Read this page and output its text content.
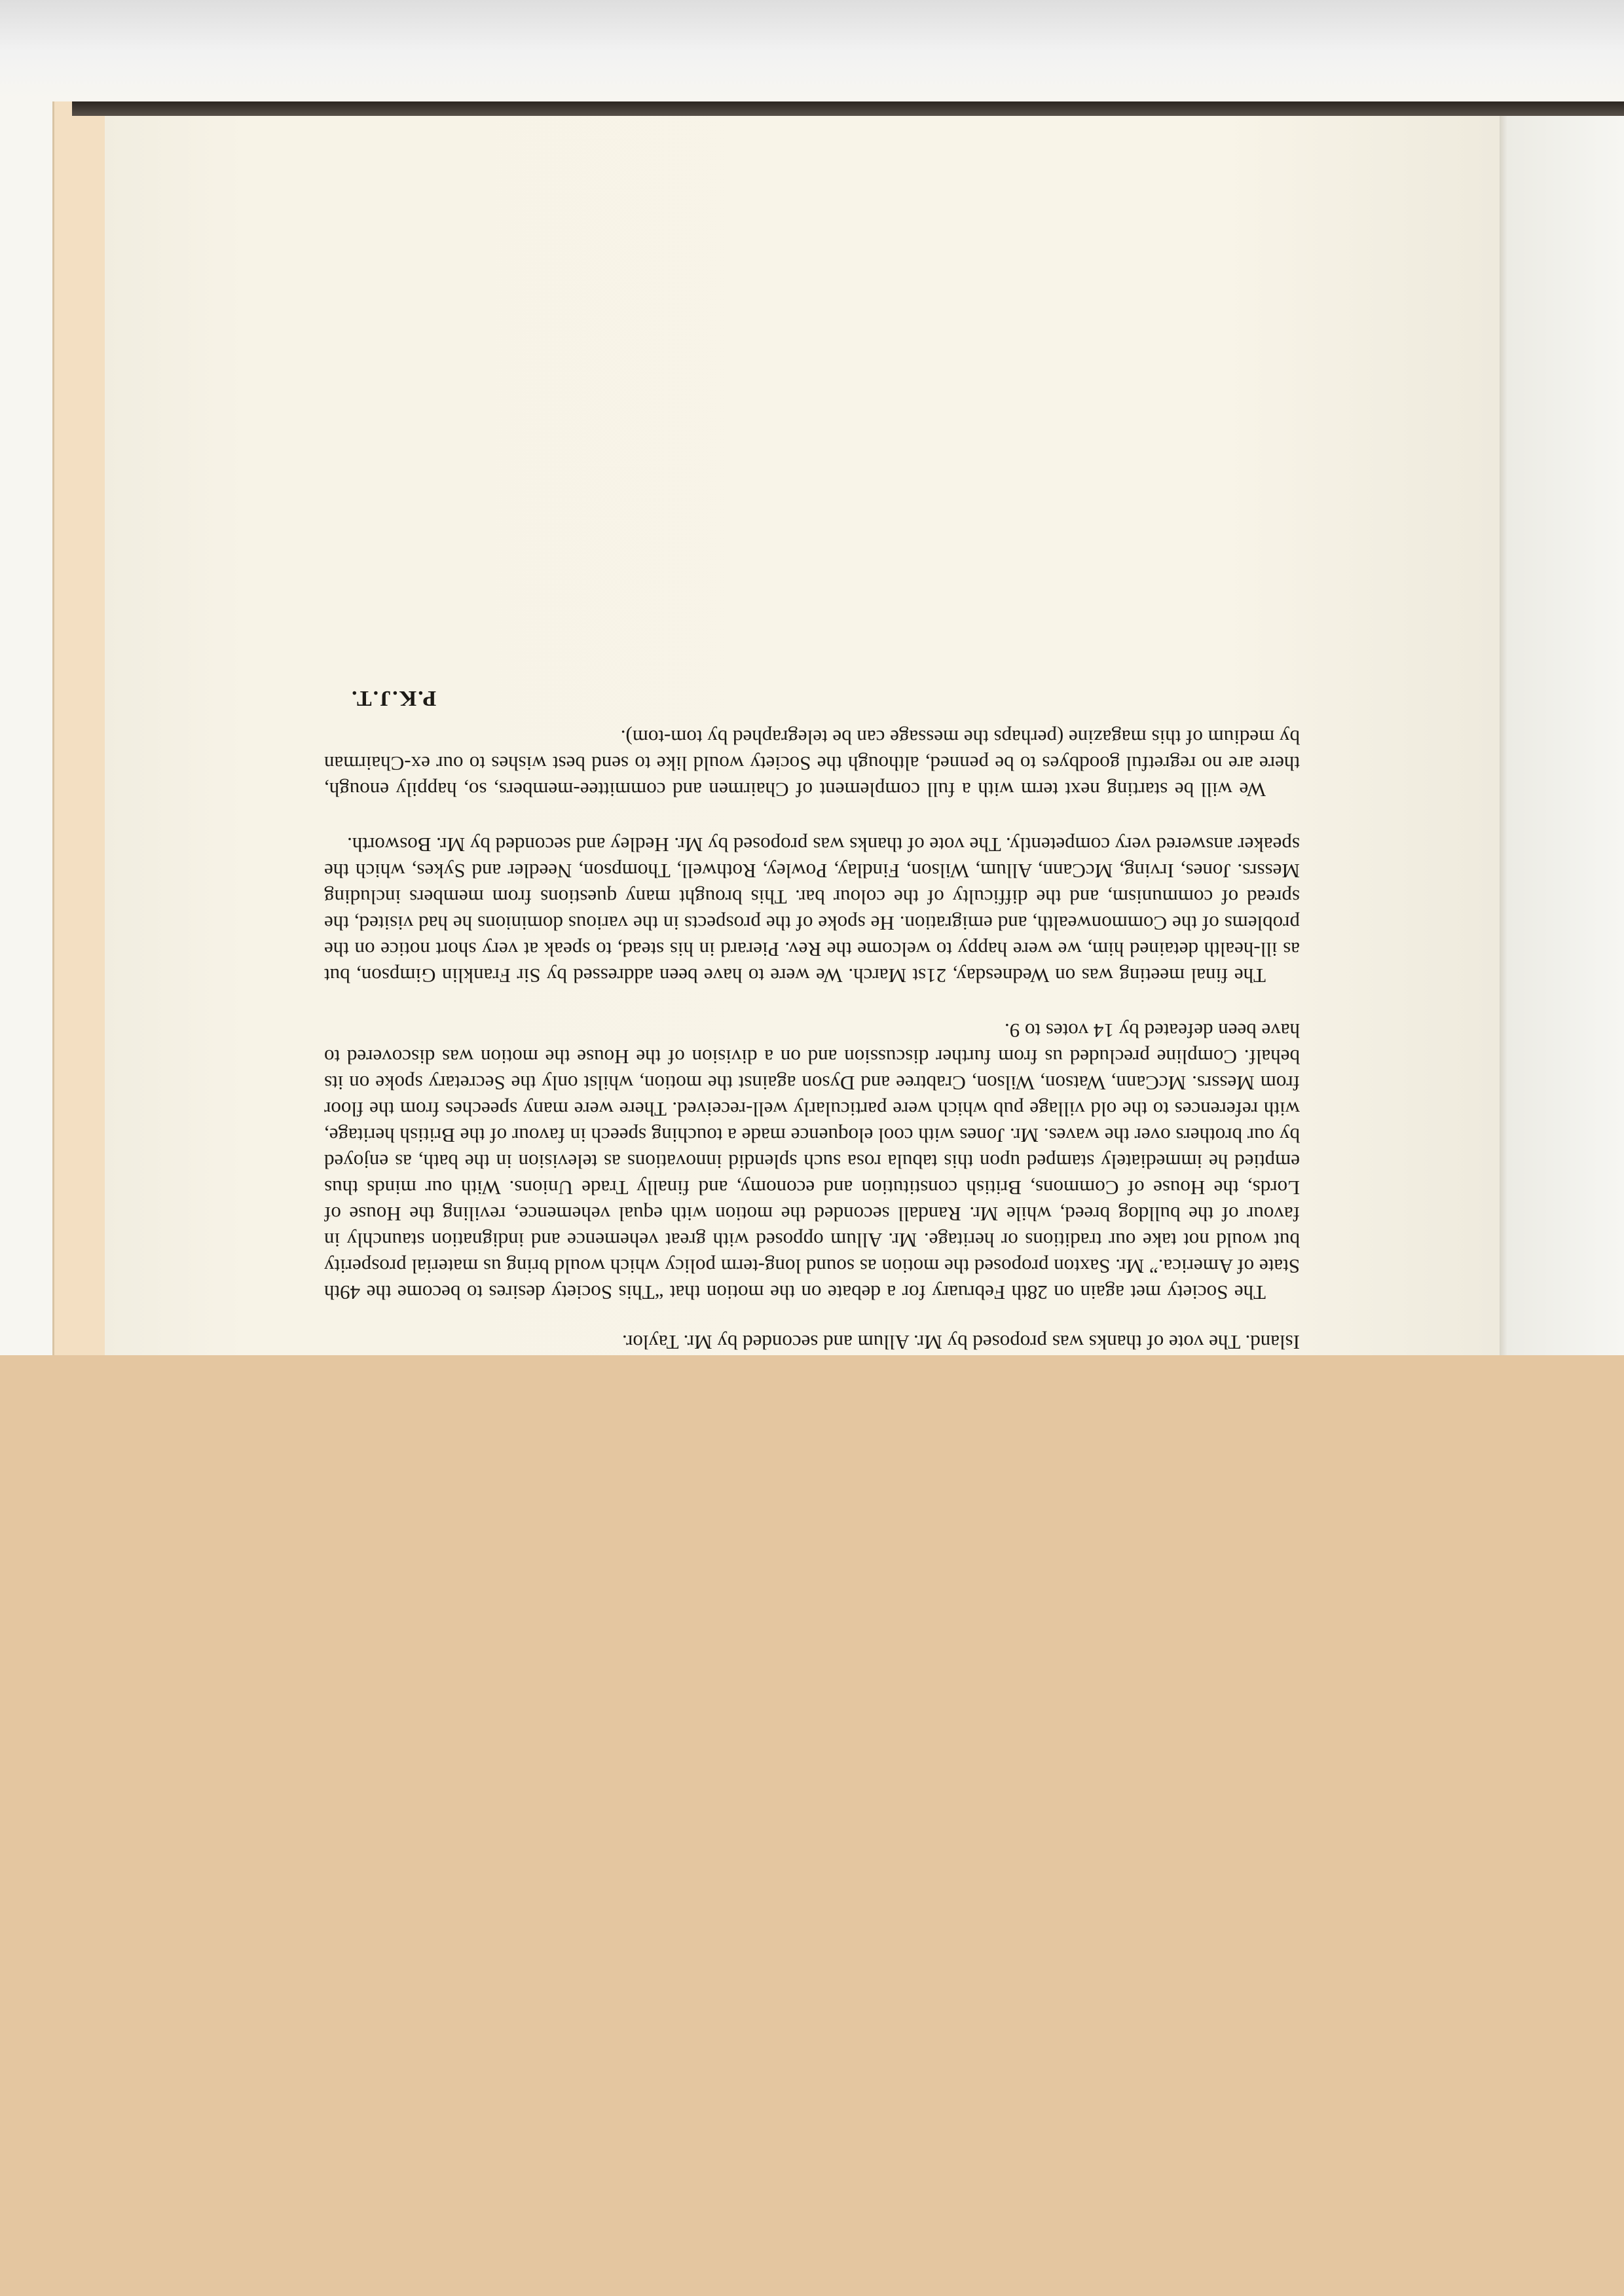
Island. The vote of thanks was proposed by Mr. Allum and seconded by Mr. Taylor.

The Society met again on 28th February for a debate on the motion that “This Society desires to become the 49th State of America.” Mr. Saxton proposed the motion as sound long-term policy which would bring us material prosperity but would not take our traditions or heritage. Mr. Allum opposed with great vehemence and indignation staunchly in favour of the bulldog breed, while Mr. Randall seconded the motion with equal vehemence, reviling the House of Lords, the House of Commons, British constitution and economy, and finally Trade Unions. With our minds thus emptied he immediately stamped upon this tabula rosa such splendid innovations as television in the bath, as enjoyed by our brothers over the waves. Mr. Jones with cool eloquence made a touching speech in favour of the British heritage, with references to the old village pub which were particularly well-received. There were many speeches from the floor from Messrs. McCann, Watson, Wilson, Crabtree and Dyson against the motion, whilst only the Secretary spoke on its behalf. Compline precluded us from further discussion and on a division of the House the motion was discovered to have been defeated by 14 votes to 9.

The final meeting was on Wednesday, 21st March. We were to have been addressed by Sir Franklin Gimpson, but as ill-health detained him, we were happy to welcome the Rev. Pierard in his stead, to speak at very short notice on the problems of the Commonwealth, and emigration. He spoke of the prospects in the various dominions he had visited, the spread of communism, and the difficulty of the colour bar. This brought many questions from members including Messrs. Jones, Irving, McCann, Allum, Wilson, Findlay, Powley, Rothwell, Thompson, Needler and Sykes, which the speaker answered very competently. The vote of thanks was proposed by Mr. Hedley and seconded by Mr. Bosworth.

We will be starting next term with a full complement of Chairmen and committee-members, so, happily enough, there are no regretful goodbyes to be penned, although the Society would like to send best wishes to our ex-Chairman by medium of this magazine (perhaps the message can be telegraphed by tom-tom).

P.K.J.T.
